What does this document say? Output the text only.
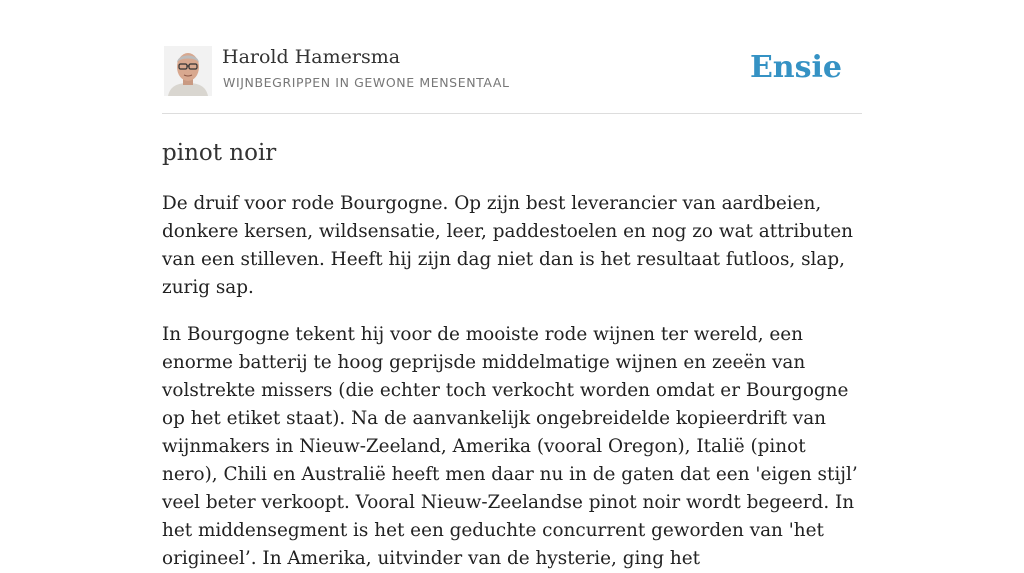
Harold Hamersma
WIJNBEGRIPPEN IN GEWONE MENSENTAAL	Ensie
pinot noir

De druif voor rode Bourgogne. Op zijn best leverancier van aardbeien, donkere kersen, wildsensatie, leer, paddestoelen en nog zo wat attributen van een stilleven. Heeft hij zijn dag niet dan is het resultaat futloos, slap, zurig sap.

In Bourgogne tekent hij voor de mooiste rode wijnen ter wereld, een enorme batterij te hoog geprijsde middelmatige wijnen en zeeën van volstrekte missers (die echter toch verkocht worden omdat er Bourgogne op het etiket staat). Na de aanvankelijk ongebreidelde kopieerdrift van wijnmakers in Nieuw-Zeeland, Amerika (vooral Oregon), Italië (pinot nero), Chili en Australië heeft men daar nu in de gaten dat een 'eigen stijl’ veel beter verkoopt. Vooral Nieuw-Zeelandse pinot noir wordt begeerd. In het middensegment is het een geduchte concurrent geworden van 'het origineel’. In Amerika, uitvinder van de hysterie, ging het
